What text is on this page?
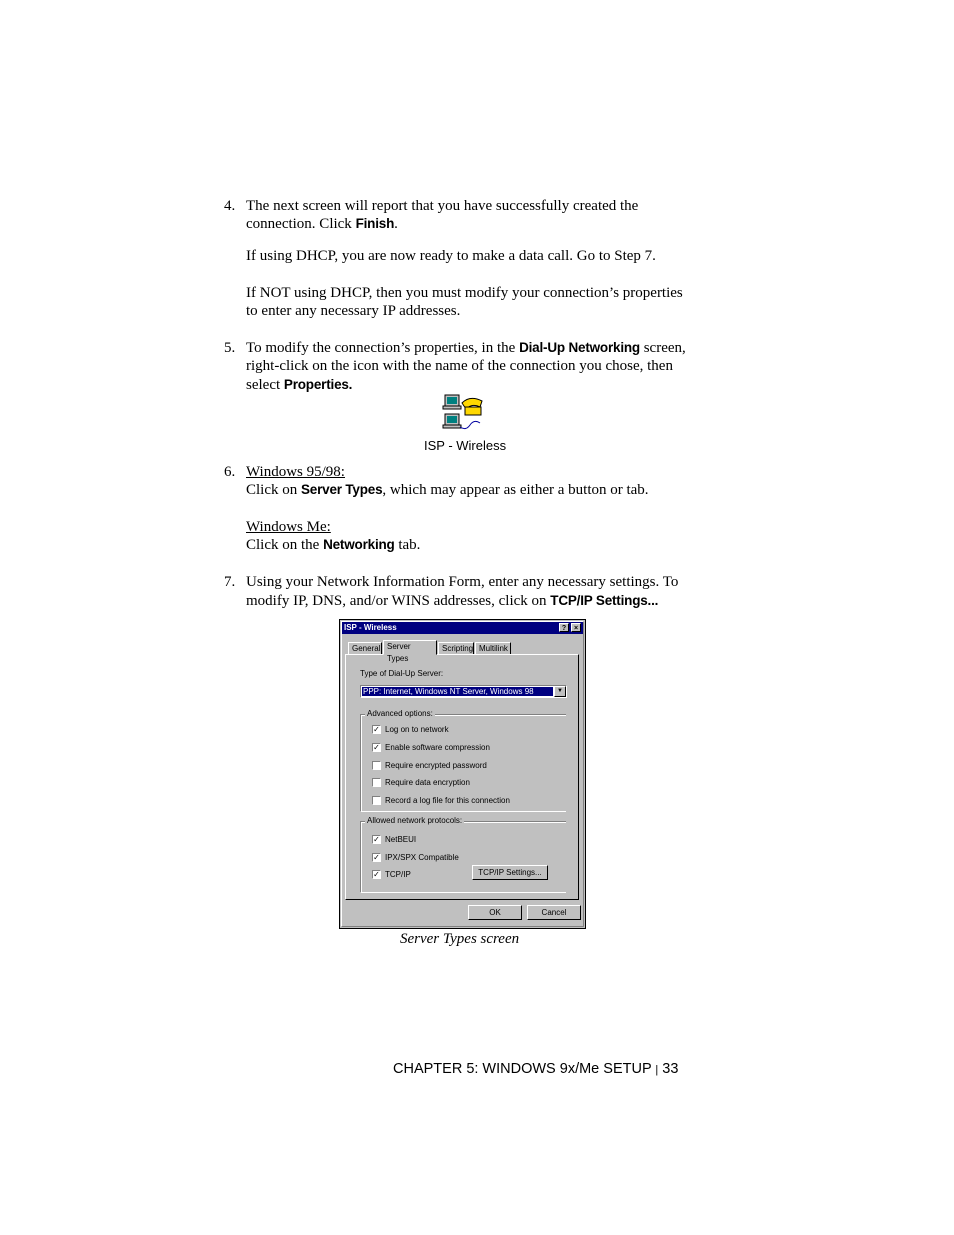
4. The next screen will report that you have successfully created the
connection. Click Finish.
If using DHCP, you are now ready to make a data call. Go to Step 7.
If NOT using DHCP, then you must modify your connection’s properties
to enter any necessary IP addresses.
5. To modify the connection’s properties, in the Dial-Up Networking screen,
right-click on the icon with the name of the connection you chose, then
select Properties.
ISP - Wireless
6. Windows 95/98:
Click on Server Types, which may appear as either a button or tab.
Windows Me:
Click on the Networking tab.
7. Using your Network Information Form, enter any necessary settings. To
modify IP, DNS, and/or WINS addresses, click on TCP/IP Settings...
ISP - Wireless	?	×
General Server Types
Scripting Multilink
Type of Dial-Up Server:
PPP: Internet, Windows NT Server, Windows 98	▼
Advanced options:
✓ Log on to network
✓ Enable software compression
Require encrypted password
Require data encryption
Record a log file for this connection
Allowed network protocols:
✓ NetBEUI
✓ IPX/SPX Compatible
✓ TCP/IP	TCP/IP Settings...
OK	Cancel
Server Types screen
CHAPTER 5: WINDOWS 9x/Me SETUP | 33
